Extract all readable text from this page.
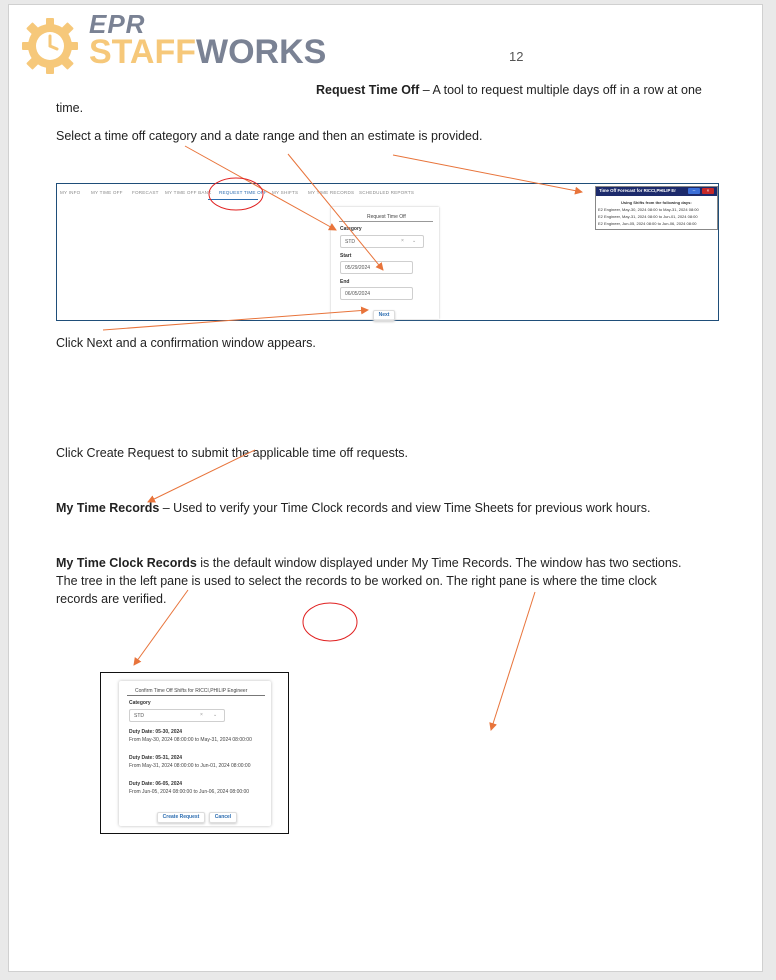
EPR
STAFFWORKS	12
Request Time Off – A tool to request multiple days off in a row at one
time.
Select a time off category and a date range and then an estimate is provided.
MY INFO MY TIME OFF FORECAST MY TIME OFF BANK REQUEST TIME OFF MY SHIFTS MY TIME RECORDS SCHEDULED REPORTS
Request Time Off
Category
STD	× ⌄
Start
05/29/2024
End
06/05/2024
Next
Time Off Forecast for RICCI,PHILIP Er	–	×
Using Shifts from the following days:
E2 Engineer, May-30, 2024 08:00 to May-31, 2024 08:00
E2 Engineer, May-31, 2024 08:00 to Jun-01, 2024 08:00
E2 Engineer, Jun-05, 2024 08:00 to Jun-06, 2024 08:00
Click Next and a confirmation window appears.
Click Create Request to submit the applicable time off requests.
My Time Records – Used to verify your Time Clock records and view Time Sheets for previous work hours.
My Time Clock Records is the default window displayed under My Time Records. The window has two sections.
The tree in the left pane is used to select the records to be worked on. The right pane is where the time clock
records are verified.
Confirm Time Off Shifts for RICCI,PHILIP Engineer
Category
STD	× ⌄
Duty Date: 05-30, 2024
From May-30, 2024 08:00:00 to May-31, 2024 08:00:00
Duty Date: 05-31, 2024
From May-31, 2024 08:00:00 to Jun-01, 2024 08:00:00
Duty Date: 06-05, 2024
From Jun-05, 2024 08:00:00 to Jun-06, 2024 08:00:00
Create Request	Cancel
